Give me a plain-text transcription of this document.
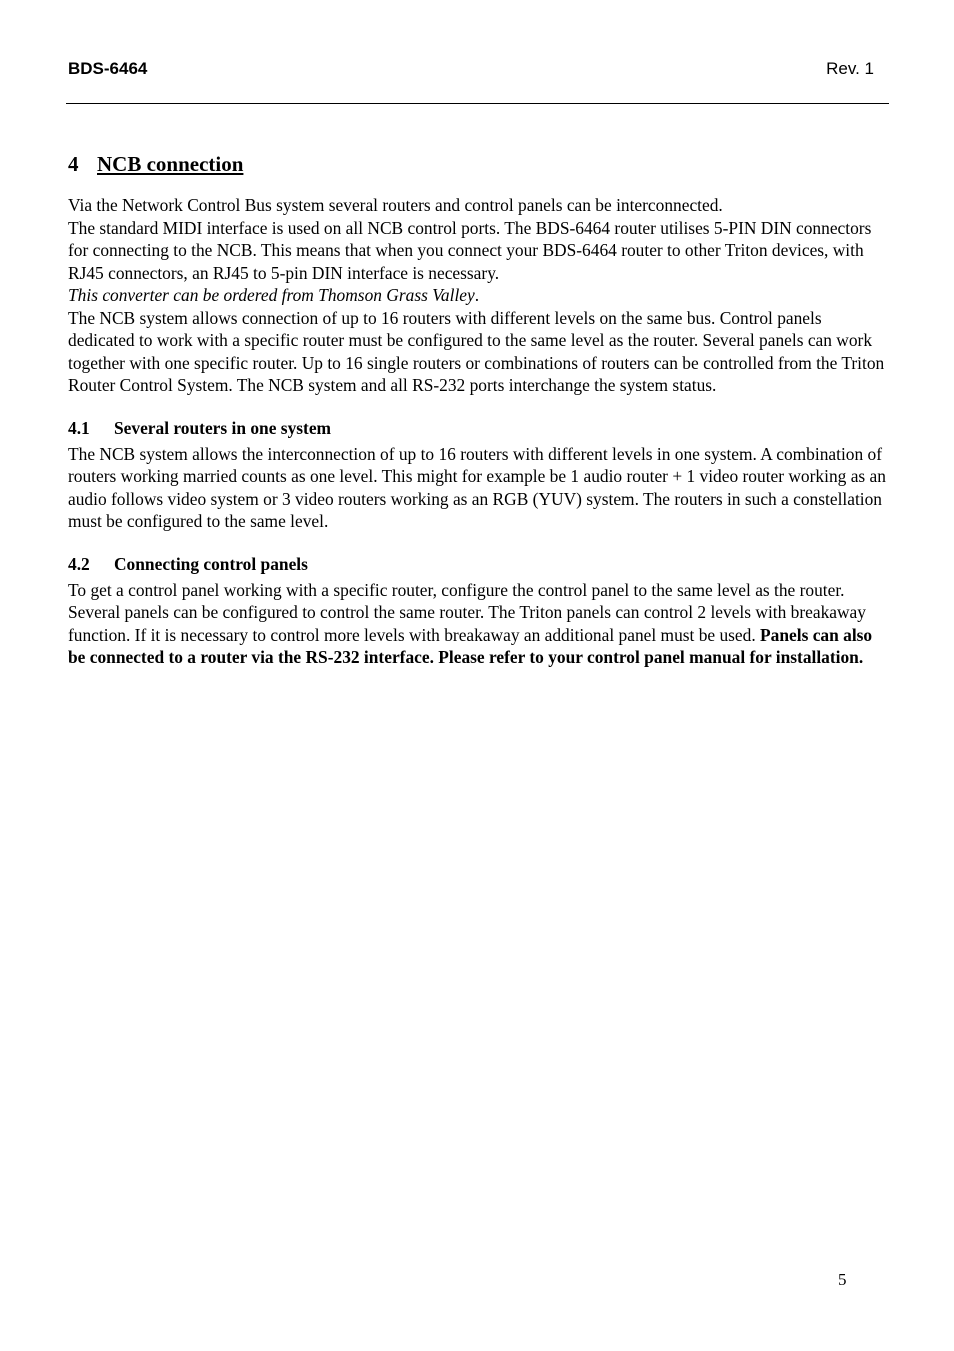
BDS-6464	Rev. 1
4 NCB connection

Via the Network Control Bus system several routers and control panels can be interconnected.

The standard MIDI interface is used on all NCB control ports. The BDS-6464 router utilises 5-PIN DIN connectors for connecting to the NCB. This means that when you connect your BDS-6464 router to other Triton devices, with RJ45 connectors, an RJ45 to 5-pin DIN interface is necessary.

This converter can be ordered from Thomson Grass Valley.

The NCB system allows connection of up to 16 routers with different levels on the same bus. Control panels dedicated to work with a specific router must be configured to the same level as the router. Several panels can work together with one specific router. Up to 16 single routers or combinations of routers can be controlled from the Triton Router Control System. The NCB system and all RS-232 ports interchange the system status.

4.1 Several routers in one system

The NCB system allows the interconnection of up to 16 routers with different levels in one system. A combination of routers working married counts as one level. This might for example be 1 audio router + 1 video router working as an audio follows video system or 3 video routers working as an RGB (YUV) system. The routers in such a constellation must be configured to the same level.

4.2 Connecting control panels

To get a control panel working with a specific router, configure the control panel to the same level as the router. Several panels can be configured to control the same router. The Triton panels can control 2 levels with breakaway function. If it is necessary to control more levels with breakaway an additional panel must be used. Panels can also be connected to a router via the RS-232 interface. Please refer to your control panel manual for installation.

5
